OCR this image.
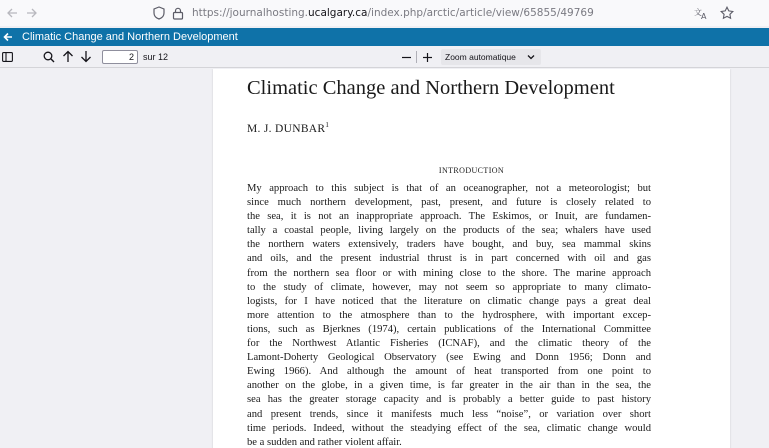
https://journalhosting.ucalgary.ca/index.php/arctic/article/view/65855/49769	文 A
Climatic Change and Northern Development
2	sur 12	Zoom automatique
Climatic Change and Northern Development
M. J. DUNBAR$^1$
INTRODUCTION
My approach to this subject is that of an oceanographer, not a meteorologist; but
since much northern development, past, present, and future is closely related to
the sea, it is not an inappropriate approach. The Eskimos, or Inuit, are fundamen-
tally a coastal people, living largely on the products of the sea; whalers have used
the northern waters extensively, traders have bought, and buy, sea mammal skins
and oils, and the present industrial thrust is in part concerned with oil and gas
from the northern sea floor or with mining close to the shore. The marine approach
to the study of climate, however, may not seem so appropriate to many climato-
logists, for I have noticed that the literature on climatic change pays a great deal
more attention to the atmosphere than to the hydrosphere, with important excep-
tions, such as Bjerknes (1974), certain publications of the International Committee
for the Northwest Atlantic Fisheries (ICNAF), and the climatic theory of the
Lamont-Doherty Geological Observatory (see Ewing and Donn 1956; Donn and
Ewing 1966). And although the amount of heat transported from one point to
another on the globe, in a given time, is far greater in the air than in the sea, the
sea has the greater storage capacity and is probably a better guide to past history
and present trends, since it manifests much less “noise”, or variation over short
time periods. Indeed, without the steadying effect of the sea, climatic change would
be a sudden and rather violent affair.
